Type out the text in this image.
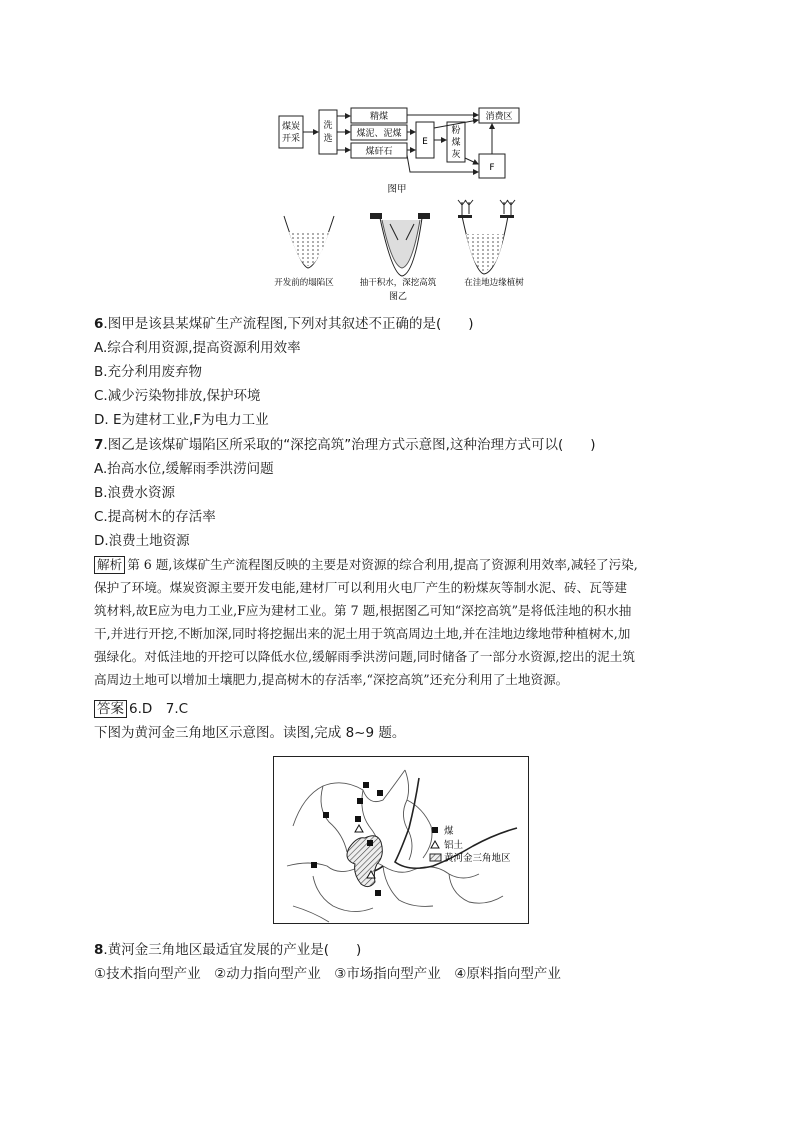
煤炭
开采
洗
选
精煤
煤泥、泥煤
煤矸石
E
粉
煤
灰
消费区
F
图甲
开发前的塌陷区	抽干积水，深挖高筑	在洼地边缘植树
图乙
6.图甲是该县某煤矿生产流程图,下列对其叙述不正确的是(　　)
A.综合利用资源,提高资源利用效率
B.充分利用废弃物
C.减少污染物排放,保护环境
D. E为建材工业,F为电力工业
7.图乙是该煤矿塌陷区所采取的“深挖高筑”治理方式示意图,这种治理方式可以(　　)
A.抬高水位,缓解雨季洪涝问题
B.浪费水资源
C.提高树木的存活率
D.浪费土地资源
解析 第 6 题,该煤矿生产流程图反映的主要是对资源的综合利用,提高了资源利用效率,减轻了污染,
保护了环境。煤炭资源主要开发电能,建材厂可以利用火电厂产生的粉煤灰等制水泥、砖、瓦等建
筑材料,故E应为电力工业,F应为建材工业。第 7 题,根据图乙可知“深挖高筑”是将低洼地的积水抽
干,并进行开挖,不断加深,同时将挖掘出来的泥土用于筑高周边土地,并在洼地边缘地带种植树木,加
强绿化。对低洼地的开挖可以降低水位,缓解雨季洪涝问题,同时储备了一部分水资源,挖出的泥土筑
高周边土地可以增加土壤肥力,提高树木的存活率,“深挖高筑”还充分利用了土地资源。
答案 6.D　7.C
下图为黄河金三角地区示意图。读图,完成 8~9 题。
煤
铝土
黄河金三角地区
8.黄河金三角地区最适宜发展的产业是(　　)
①技术指向型产业　②动力指向型产业　③市场指向型产业　④原料指向型产业
